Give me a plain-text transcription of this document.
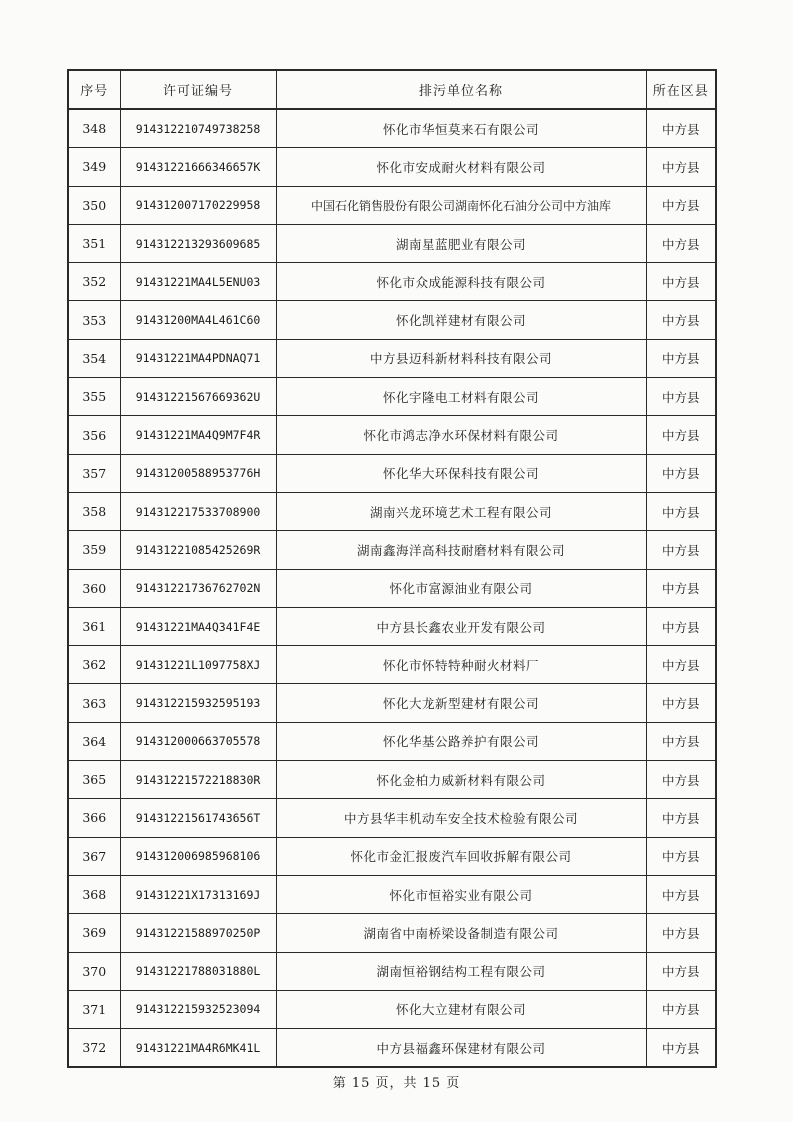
序号	许可证编号	排污单位名称	所在区县
348	914312210749738258	怀化市华恒莫来石有限公司	中方县
349	91431221666346657K	怀化市安成耐火材料有限公司	中方县
350	914312007170229958	中国石化销售股份有限公司湖南怀化石油分公司中方油库	中方县
351	914312213293609685	湖南星蓝肥业有限公司	中方县
352	91431221MA4L5ENU03	怀化市众成能源科技有限公司	中方县
353	91431200MA4L461C60	怀化凯祥建材有限公司	中方县
354	91431221MA4PDNAQ71	中方县迈科新材料科技有限公司	中方县
355	91431221567669362U	怀化宇隆电工材料有限公司	中方县
356	91431221MA4Q9M7F4R	怀化市鸿志净水环保材料有限公司	中方县
357	91431200588953776H	怀化华大环保科技有限公司	中方县
358	914312217533708900	湖南兴龙环境艺术工程有限公司	中方县
359	91431221085425269R	湖南鑫海洋高科技耐磨材料有限公司	中方县
360	91431221736762702N	怀化市富源油业有限公司	中方县
361	91431221MA4Q341F4E	中方县长鑫农业开发有限公司	中方县
362	91431221L1097758XJ	怀化市怀特特种耐火材料厂	中方县
363	914312215932595193	怀化大龙新型建材有限公司	中方县
364	914312000663705578	怀化华基公路养护有限公司	中方县
365	91431221572218830R	怀化金柏力威新材料有限公司	中方县
366	91431221561743656T	中方县华丰机动车安全技术检验有限公司	中方县
367	914312006985968106	怀化市金汇报废汽车回收拆解有限公司	中方县
368	91431221X17313169J	怀化市恒裕实业有限公司	中方县
369	91431221588970250P	湖南省中南桥梁设备制造有限公司	中方县
370	91431221788031880L	湖南恒裕钢结构工程有限公司	中方县
371	914312215932523094	怀化大立建材有限公司	中方县
372	91431221MA4R6MK41L	中方县福鑫环保建材有限公司	中方县
第 15 页，共 15 页
